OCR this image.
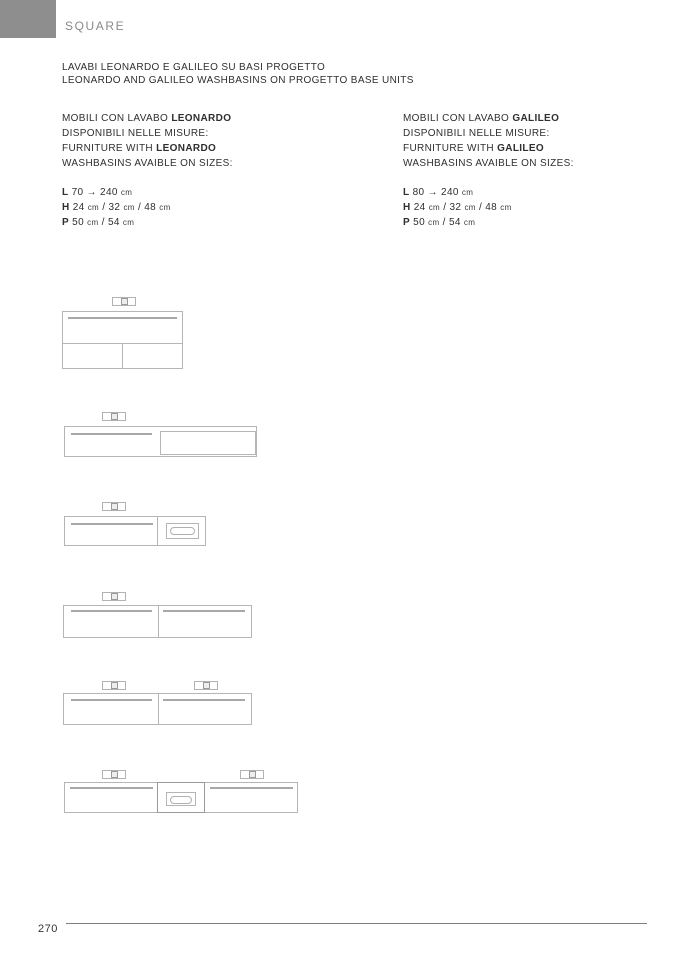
SQUARE
LAVABI LEONARDO E GALILEO SU BASI PROGETTO
LEONARDO AND GALILEO WASHBASINS ON PROGETTO BASE UNITS
MOBILI CON LAVABO LEONARDO
DISPONIBILI NELLE MISURE:
FURNITURE WITH LEONARDO
WASHBASINS AVAIBLE ON SIZES:
L 70 → 240 cm
H 24 cm / 32 cm / 48 cm
P 50 cm / 54 cm
MOBILI CON LAVABO GALILEO
DISPONIBILI NELLE MISURE:
FURNITURE WITH GALILEO
WASHBASINS AVAIBLE ON SIZES:
L 80 → 240 cm
H 24 cm / 32 cm / 48 cm
P 50 cm / 54 cm
270
